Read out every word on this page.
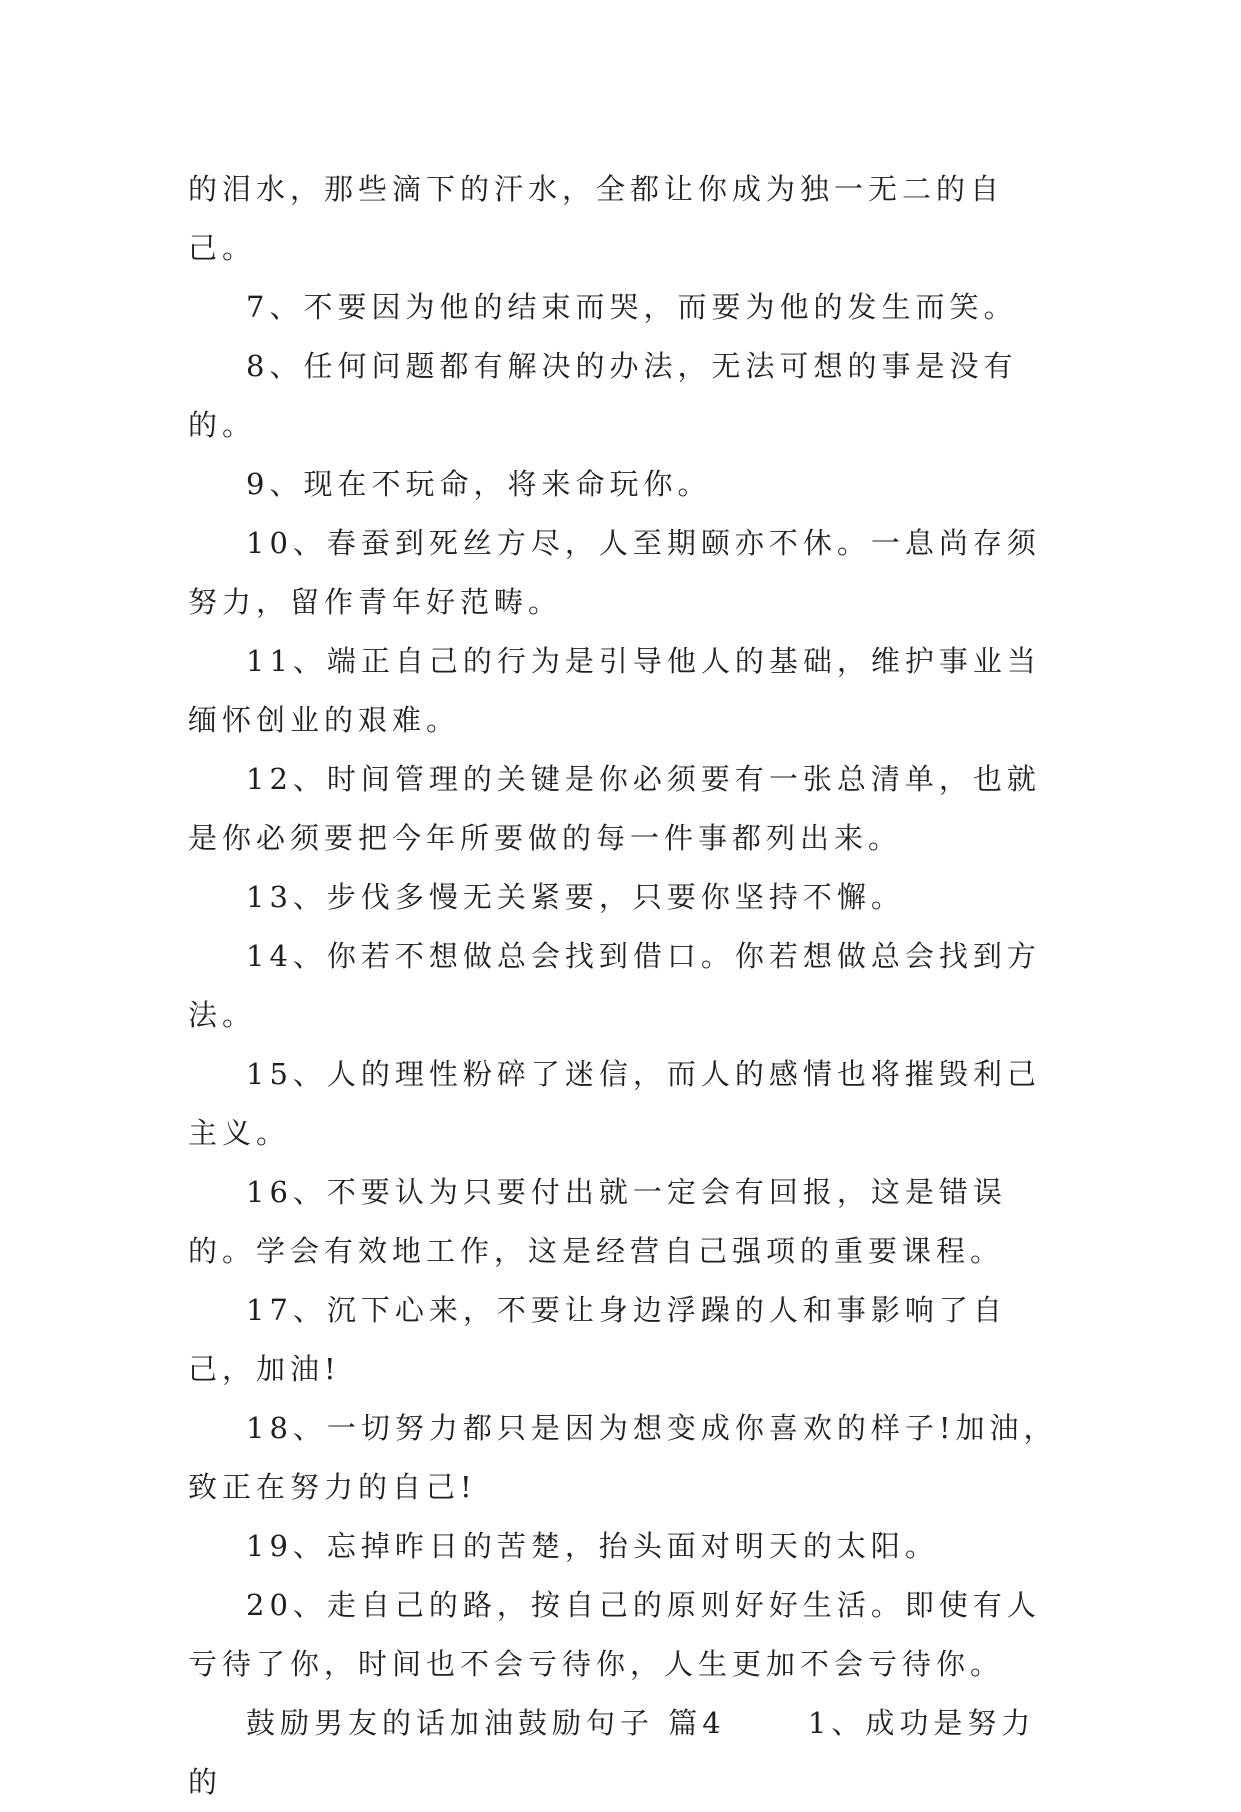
的泪水，那些滴下的汗水，全都让你成为独一无二的自己。

7、不要因为他的结束而哭，而要为他的发生而笑。

8、任何问题都有解决的办法，无法可想的事是没有的。

9、现在不玩命，将来命玩你。

10、春蚕到死丝方尽，人至期颐亦不休。一息尚存须努力，留作青年好范畴。

11、端正自己的行为是引导他人的基础，维护事业当缅怀创业的艰难。

12、时间管理的关键是你必须要有一张总清单，也就是你必须要把今年所要做的每一件事都列出来。

13、步伐多慢无关紧要，只要你坚持不懈。

14、你若不想做总会找到借口。你若想做总会找到方法。

15、人的理性粉碎了迷信，而人的感情也将摧毁利己主义。

16、不要认为只要付出就一定会有回报，这是错误的。学会有效地工作，这是经营自己强项的重要课程。

17、沉下心来，不要让身边浮躁的人和事影响了自己，加油!

18、一切努力都只是因为想变成你喜欢的样子!加油，致正在努力的自己!

19、忘掉昨日的苦楚，抬头面对明天的太阳。

20、走自己的路，按自己的原则好好生活。即使有人亏待了你，时间也不会亏待你，人生更加不会亏待你。

鼓励男友的话加油鼓励句子 篇4　　 1、成功是努力的
